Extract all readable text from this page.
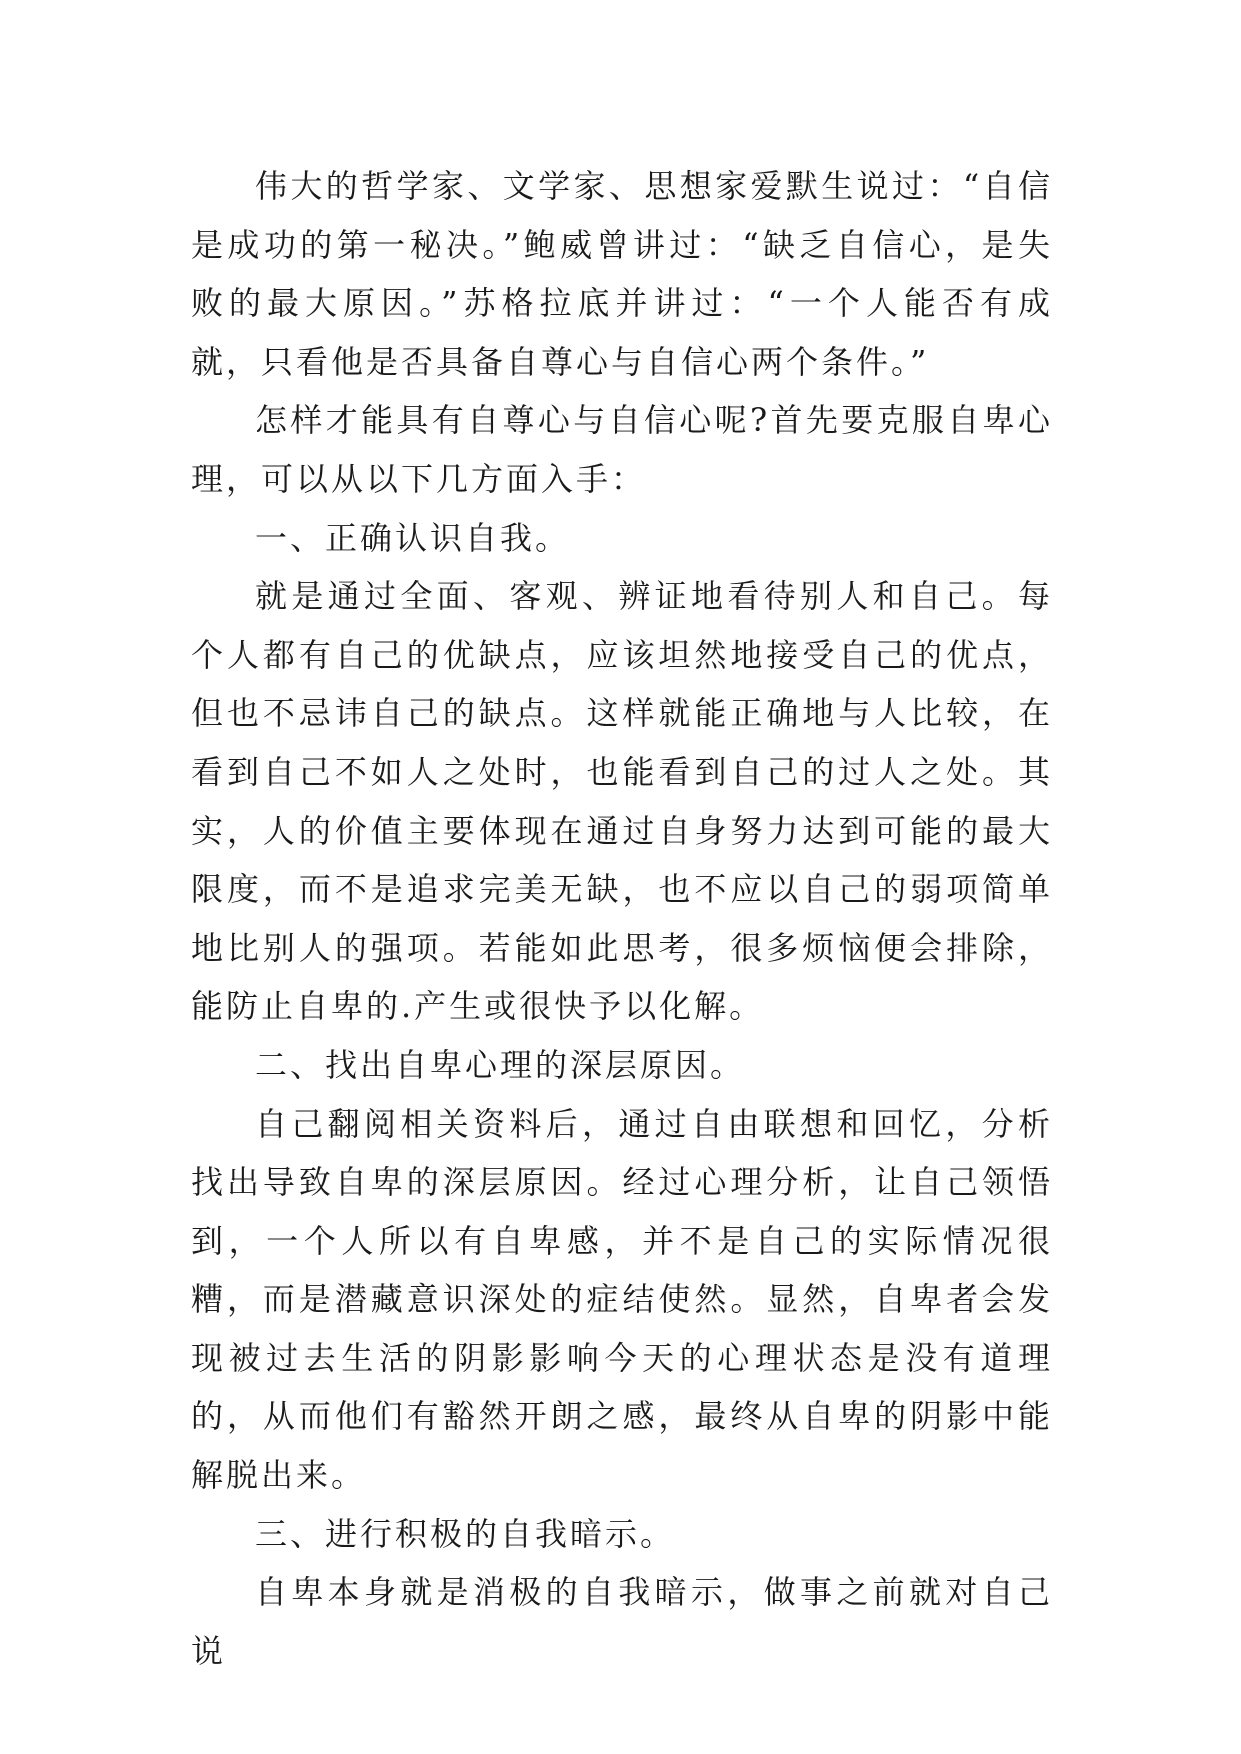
伟大的哲学家、文学家、思想家爱默生说过：“自信是成功的第一秘决。”鲍威曾讲过：“缺乏自信心，是失败的最大原因。”苏格拉底并讲过：“一个人能否有成就，只看他是否具备自尊心与自信心两个条件。”

怎样才能具有自尊心与自信心呢?首先要克服自卑心理，可以从以下几方面入手：

一、正确认识自我。

就是通过全面、客观、辨证地看待别人和自己。每个人都有自己的优缺点，应该坦然地接受自己的优点，但也不忌讳自己的缺点。这样就能正确地与人比较，在看到自己不如人之处时，也能看到自己的过人之处。其实，人的价值主要体现在通过自身努力达到可能的最大限度，而不是追求完美无缺，也不应以自己的弱项简单地比别人的强项。若能如此思考，很多烦恼便会排除，能防止自卑的.产生或很快予以化解。

二、找出自卑心理的深层原因。

自己翻阅相关资料后，通过自由联想和回忆，分析找出导致自卑的深层原因。经过心理分析，让自己领悟到，一个人所以有自卑感，并不是自己的实际情况很糟，而是潜藏意识深处的症结使然。显然，自卑者会发现被过去生活的阴影影响今天的心理状态是没有道理的，从而他们有豁然开朗之感，最终从自卑的阴影中能解脱出来。

三、进行积极的自我暗示。

自卑本身就是消极的自我暗示，做事之前就对自己说
